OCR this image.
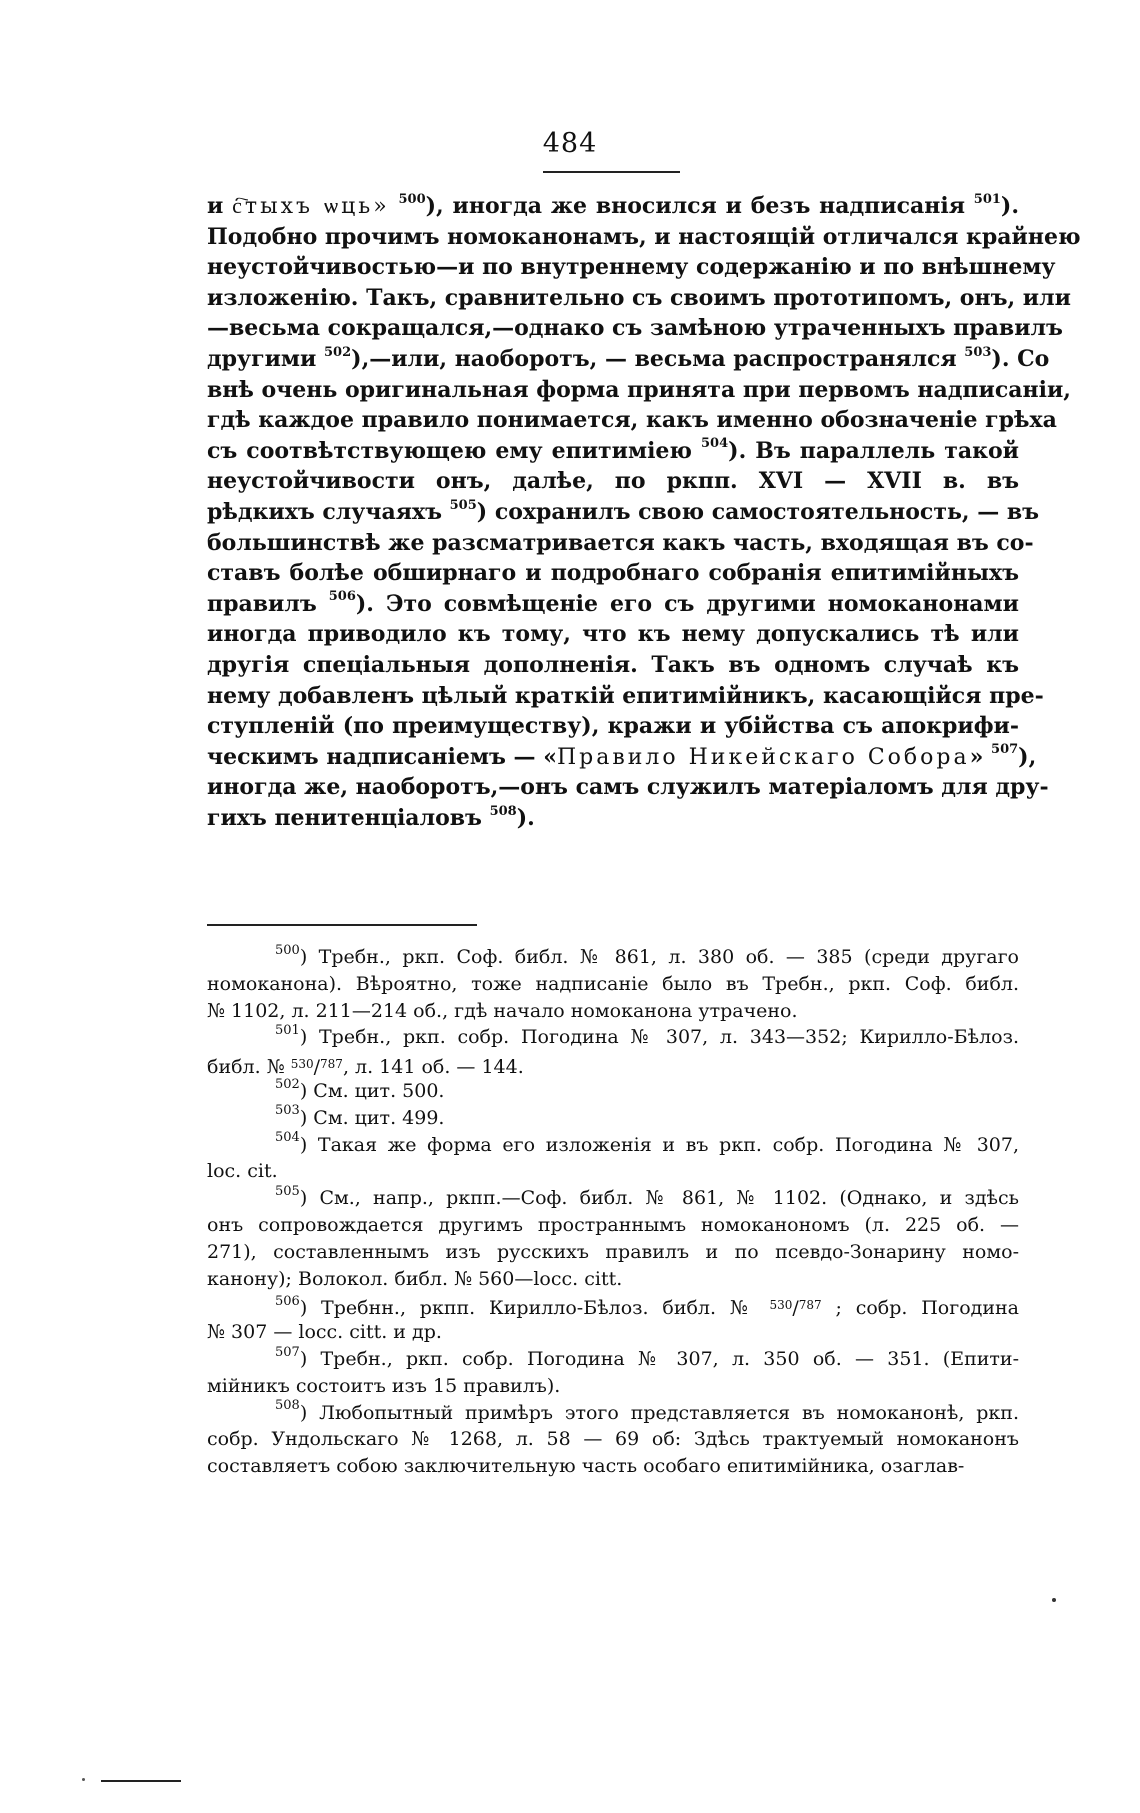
484
и с҇тыхъ ѡць» $^{500}$), иногда же вносился и безъ надписанія $^{501}$).
Подобно прочимъ номоканонамъ, и настоящій отличался крайнею
неустойчивостью—и по внутреннему содержанію и по внѣшнему
изложенію. Такъ, сравнительно съ своимъ прототипомъ, онъ, или
—весьма сокращался,—однако съ замѣною утраченныхъ правилъ
другими $^{502}$),—или, наоборотъ, — весьма распространялся $^{503}$). Со
внѣ очень оригинальная форма принята при первомъ надписаніи,
гдѣ каждое правило понимается, какъ именно обозначеніе грѣха
съ соотвѣтствующею ему епитиміею $^{504}$). Въ параллель такой
неустойчивости онъ, далѣе, по ркпп. XVI — XVII в. въ
рѣдкихъ случаяхъ $^{505}$) сохранилъ свою самостоятельность, — въ
большинствѣ же разсматривается какъ часть, входящая въ со-
ставъ болѣе обширнаго и подробнаго собранія епитимійныхъ
правилъ $^{506}$). Это совмѣщеніе его съ другими номоканонами
иногда приводило къ тому, что къ нему допускались тѣ или
другія спеціальныя дополненія. Такъ въ одномъ случаѣ къ
нему добавленъ цѣлый краткій епитимійникъ, касающійся пре-
ступленій (по преимуществу), кражи и убійства съ апокрифи-
ческимъ надписаніемъ — «Правило Никейскаго Собора» $^{507}$),
иногда же, наоборотъ,—онъ самъ служилъ матеріаломъ для дру-
гихъ пенитенціаловъ $^{508}$).
$^{500}$) Требн., ркп. Соф. библ. № 861, л. 380 об. — 385 (среди другаго
номоканона). Вѣроятно, тоже надписаніе было въ Требн., ркп. Соф. библ.
№ 1102, л. 211—214 об., гдѣ начало номоканона утрачено.
$^{501}$) Требн., ркп. собр. Погодина № 307, л. 343—352; Кирилло-Бѣлоз.
библ. № $^{530}$/$^{787}$, л. 141 об. — 144.
$^{502}$) См. цит. 500.
$^{503}$) См. цит. 499.
$^{504}$) Такая же форма его изложенія и въ ркп. собр. Погодина № 307,
loc. cit.
$^{505}$) См., напр., ркпп.—Соф. библ. № 861, № 1102. (Однако, и здѣсь
онъ сопровождается другимъ пространнымъ номоканономъ (л. 225 об. —
271), составленнымъ изъ русскихъ правилъ и по псевдо-Зонарину номо-
канону); Волокол. библ. № 560—locc. citt.
$^{506}$) Требнн., ркпп. Кирилло-Бѣлоз. библ. № $^{530}$/$^{787}$ ; собр. Погодина
№ 307 — locc. citt. и др.
$^{507}$) Требн., ркп. собр. Погодина № 307, л. 350 об. — 351. (Епити-
мійникъ состоитъ изъ 15 правилъ).
$^{508}$) Любопытный примѣръ этого представляется въ номоканонѣ, ркп.
собр. Ундольскаго № 1268, л. 58 — 69 об: Здѣсь трактуемый номоканонъ
составляетъ собою заключительную часть особаго епитимійника, озаглав-
